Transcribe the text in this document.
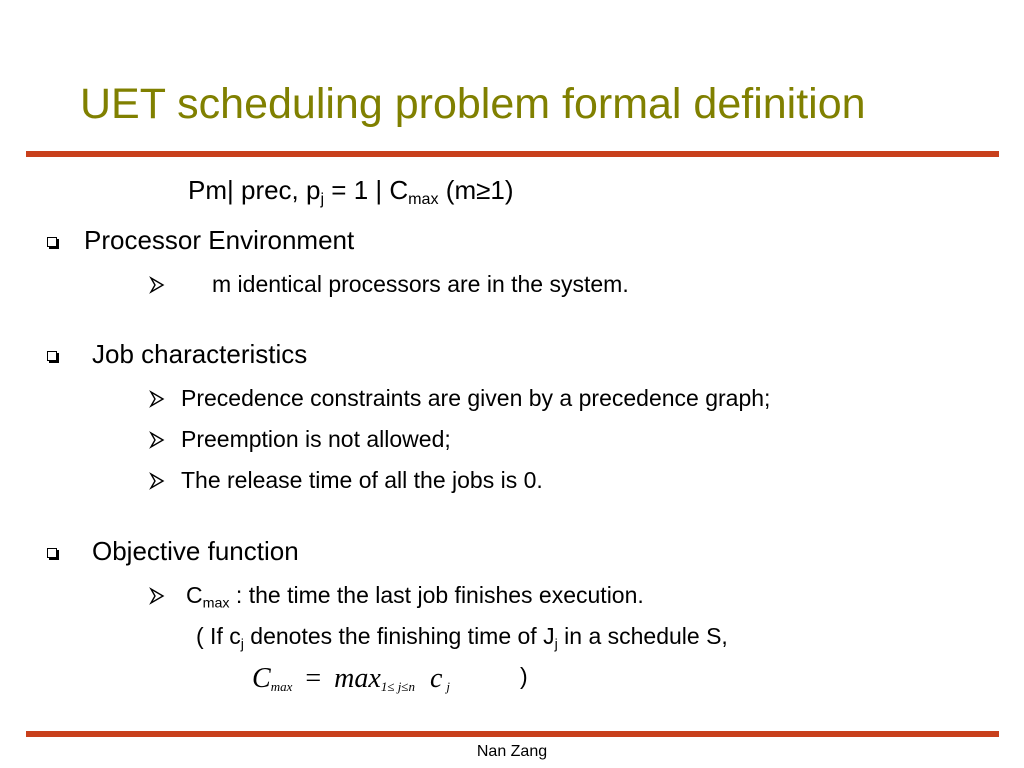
UET scheduling problem formal definition
Pm| prec, $p_j = 1$ | $C_{max}$ (m≥1)
Processor Environment
m identical processors are in the system.
Job characteristics
Precedence constraints are given by a precedence graph;
Preemption is not allowed;
The release time of all the jobs is 0.
Objective function
$C_{max}$ : the time the last job finishes execution.
( If $c_j$ denotes the finishing time of $J_j$ in a schedule S,
$C_{max} = \max_{1\le j\le n} c$ $_j$	)
Nan Zang
